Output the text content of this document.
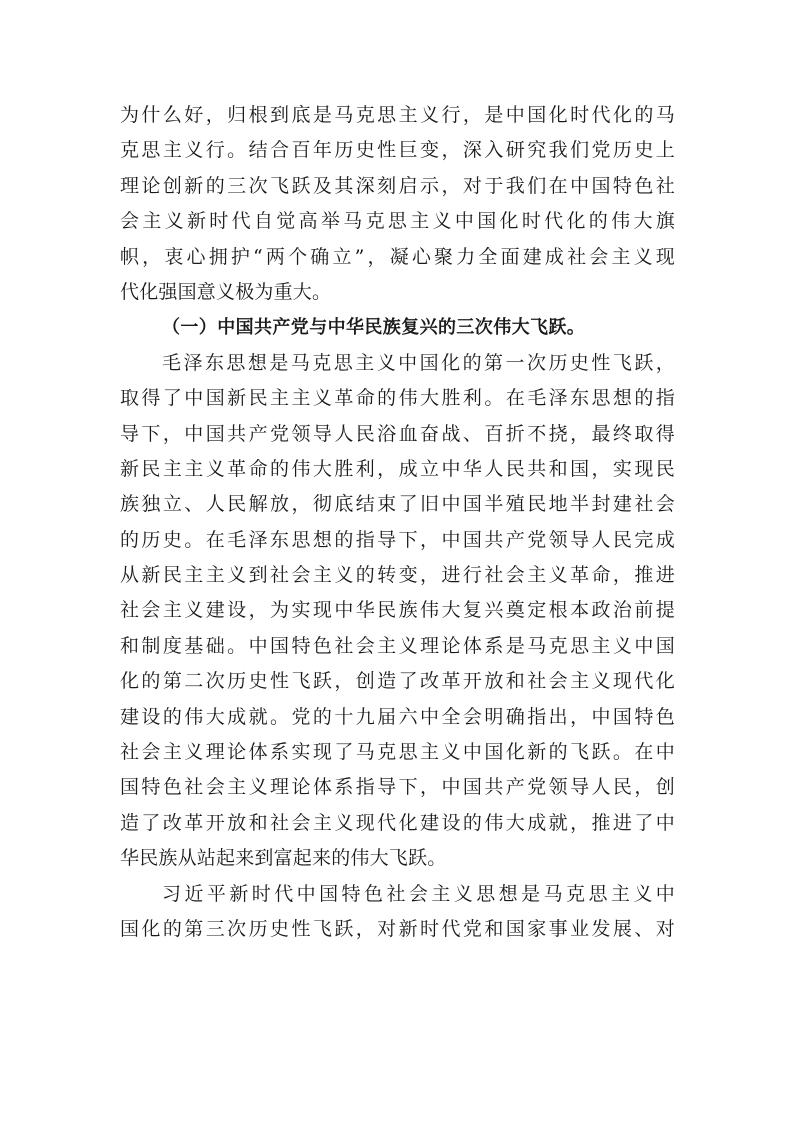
为什么好，归根到底是马克思主义行，是中国化时代化的马
克思主义行。结合百年历史性巨变，深入研究我们党历史上
理论创新的三次飞跃及其深刻启示，对于我们在中国特色社
会主义新时代自觉高举马克思主义中国化时代化的伟大旗
帜，衷心拥护“两个确立”，凝心聚力全面建成社会主义现
代化强国意义极为重大。
（一）中国共产党与中华民族复兴的三次伟大飞跃。
毛泽东思想是马克思主义中国化的第一次历史性飞跃，
取得了中国新民主主义革命的伟大胜利。在毛泽东思想的指
导下，中国共产党领导人民浴血奋战、百折不挠，最终取得
新民主主义革命的伟大胜利，成立中华人民共和国，实现民
族独立、人民解放，彻底结束了旧中国半殖民地半封建社会
的历史。在毛泽东思想的指导下，中国共产党领导人民完成
从新民主主义到社会主义的转变，进行社会主义革命，推进
社会主义建设，为实现中华民族伟大复兴奠定根本政治前提
和制度基础。中国特色社会主义理论体系是马克思主义中国
化的第二次历史性飞跃，创造了改革开放和社会主义现代化
建设的伟大成就。党的十九届六中全会明确指出，中国特色
社会主义理论体系实现了马克思主义中国化新的飞跃。在中
国特色社会主义理论体系指导下，中国共产党领导人民，创
造了改革开放和社会主义现代化建设的伟大成就，推进了中
华民族从站起来到富起来的伟大飞跃。
习近平新时代中国特色社会主义思想是马克思主义中
国化的第三次历史性飞跃，对新时代党和国家事业发展、对
